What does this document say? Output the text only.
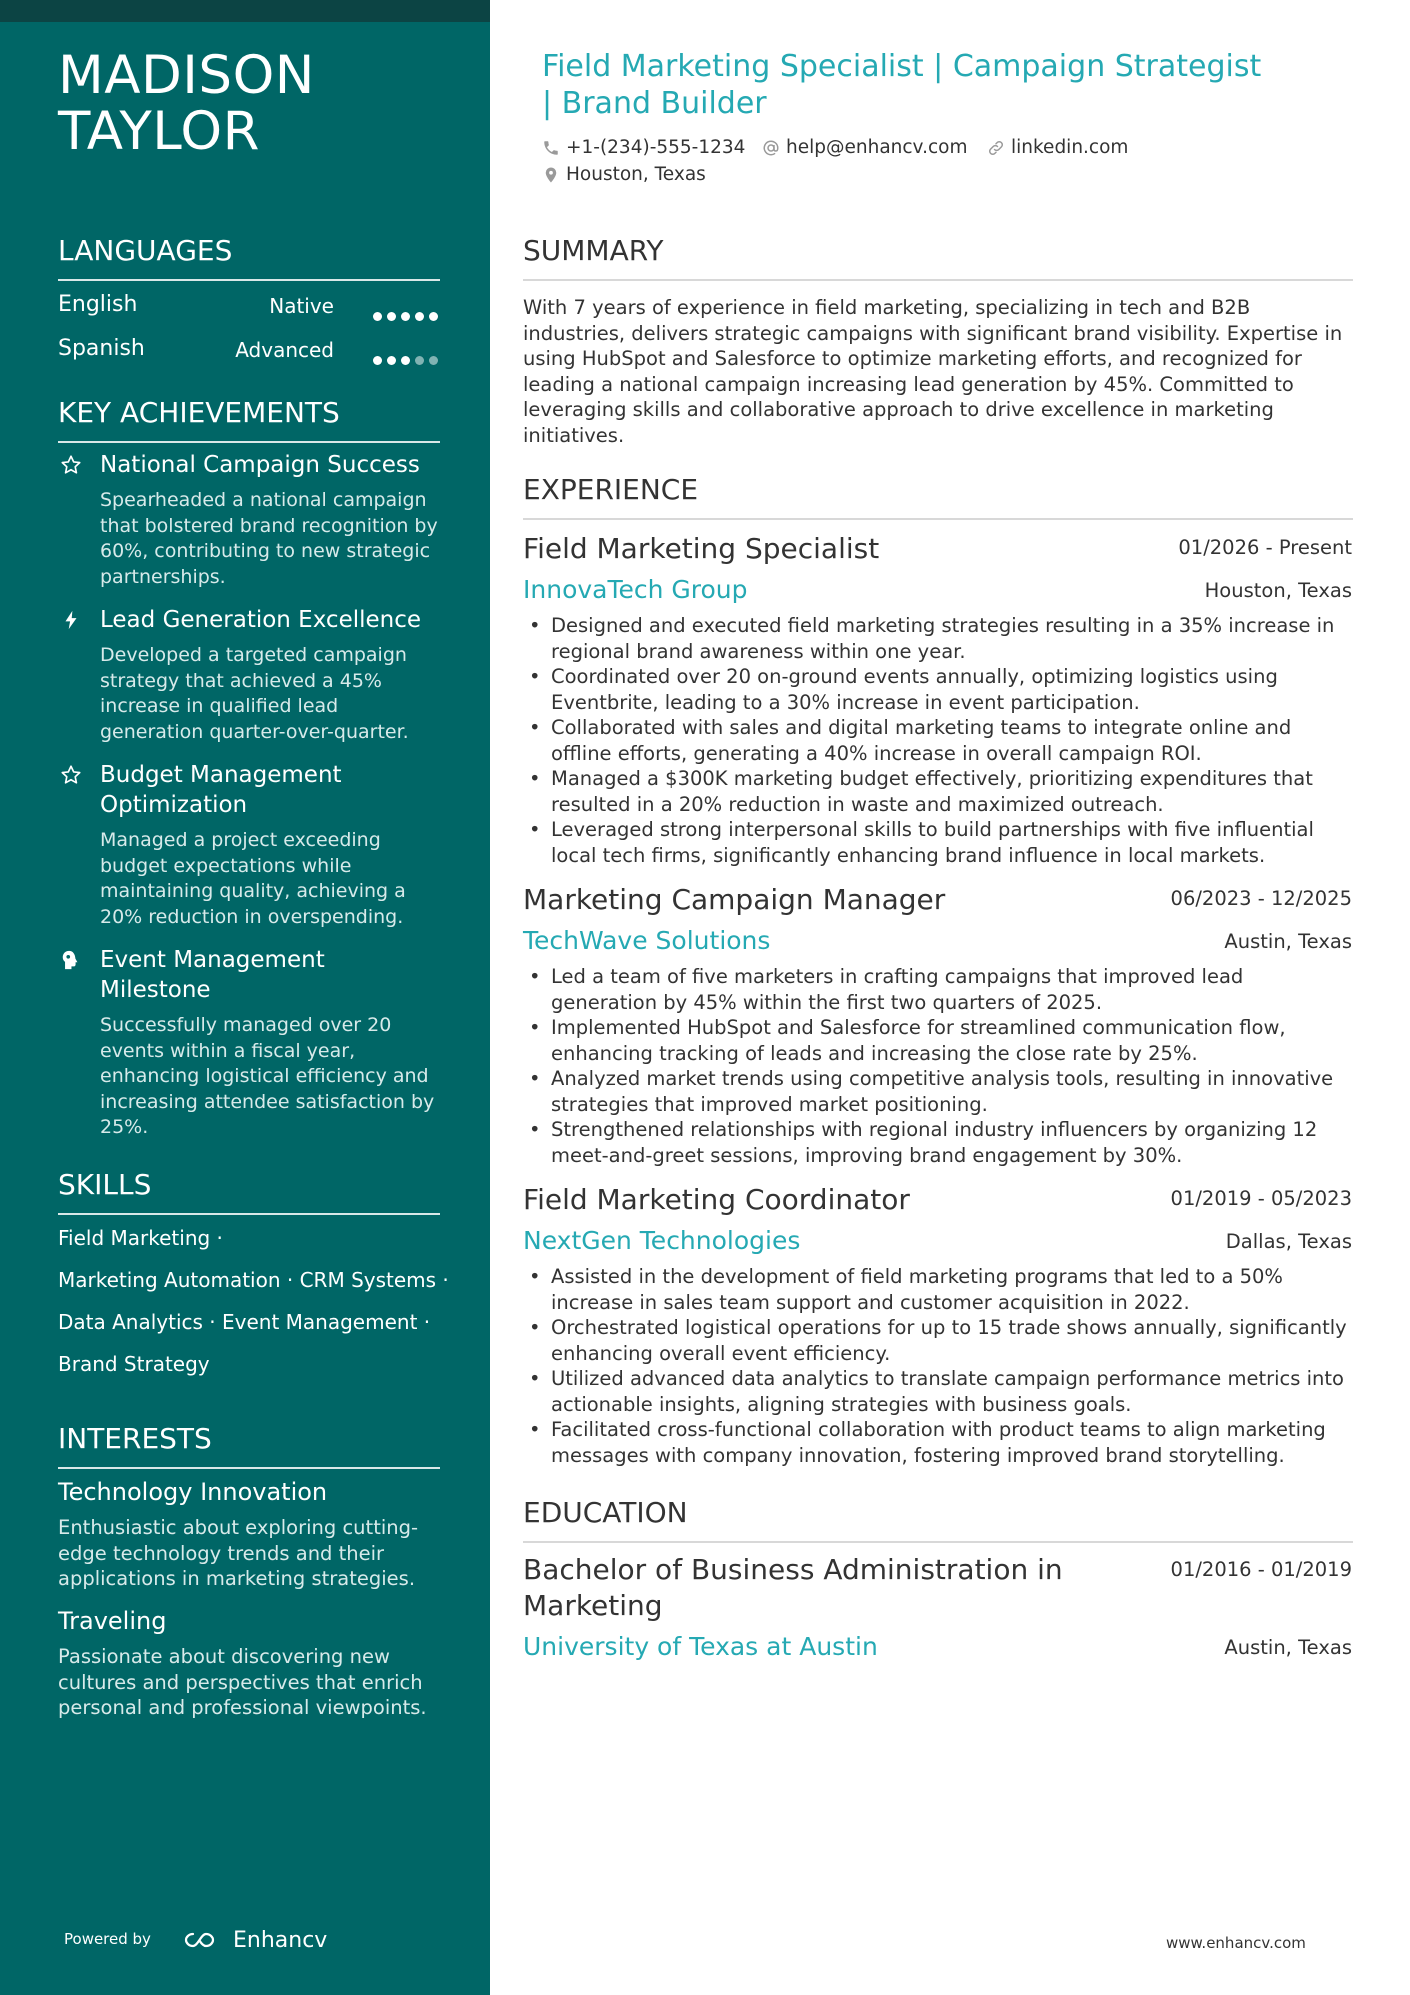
MADISON
TAYLOR
LANGUAGES
English	Native
Spanish	Advanced
KEY ACHIEVEMENTS
National Campaign Success
Spearheaded a national campaign that bolstered brand recognition by 60%, contributing to new strategic partnerships.
Lead Generation Excellence
Developed a targeted campaign strategy that achieved a 45% increase in qualified lead generation quarter-over-quarter.
Budget Management Optimization
Managed a project exceeding budget expectations while maintaining quality, achieving a 20% reduction in overspending.
Event Management Milestone
Successfully managed over 20 events within a fiscal year, enhancing logistical efficiency and increasing attendee satisfaction by 25%.
SKILLS
Field Marketing ·
Marketing Automation · CRM Systems ·
Data Analytics · Event Management ·
Brand Strategy
INTERESTS
Technology Innovation
Enthusiastic about exploring cutting-edge technology trends and their applications in marketing strategies.
Traveling
Passionate about discovering new cultures and perspectives that enrich personal and professional viewpoints.
Powered by	Enhancv
Field Marketing Specialist | Campaign Strategist | Brand Builder
+1-(234)-555-1234	help@enhancv.com	linkedin.com
Houston, Texas
SUMMARY
With 7 years of experience in field marketing, specializing in tech and B2B industries, delivers strategic campaigns with significant brand visibility. Expertise in using HubSpot and Salesforce to optimize marketing efforts, and recognized for leading a national campaign increasing lead generation by 45%. Committed to leveraging skills and collaborative approach to drive excellence in marketing initiatives.
EXPERIENCE
Field Marketing Specialist	01/2026 - Present
InnovaTech Group	Houston, Texas
• Designed and executed field marketing strategies resulting in a 35% increase in regional brand awareness within one year.
• Coordinated over 20 on-ground events annually, optimizing logistics using Eventbrite, leading to a 30% increase in event participation.
• Collaborated with sales and digital marketing teams to integrate online and offline efforts, generating a 40% increase in overall campaign ROI.
• Managed a $300K marketing budget effectively, prioritizing expenditures that resulted in a 20% reduction in waste and maximized outreach.
• Leveraged strong interpersonal skills to build partnerships with five influential local tech firms, significantly enhancing brand influence in local markets.
Marketing Campaign Manager	06/2023 - 12/2025
TechWave Solutions	Austin, Texas
• Led a team of five marketers in crafting campaigns that improved lead generation by 45% within the first two quarters of 2025.
• Implemented HubSpot and Salesforce for streamlined communication flow, enhancing tracking of leads and increasing the close rate by 25%.
• Analyzed market trends using competitive analysis tools, resulting in innovative strategies that improved market positioning.
• Strengthened relationships with regional industry influencers by organizing 12 meet-and-greet sessions, improving brand engagement by 30%.
Field Marketing Coordinator	01/2019 - 05/2023
NextGen Technologies	Dallas, Texas
• Assisted in the development of field marketing programs that led to a 50% increase in sales team support and customer acquisition in 2022.
• Orchestrated logistical operations for up to 15 trade shows annually, significantly enhancing overall event efficiency.
• Utilized advanced data analytics to translate campaign performance metrics into actionable insights, aligning strategies with business goals.
• Facilitated cross-functional collaboration with product teams to align marketing messages with company innovation, fostering improved brand storytelling.
EDUCATION
Bachelor of Business Administration in Marketing
01/2016 - 01/2019
University of Texas at Austin	Austin, Texas
www.enhancv.com
